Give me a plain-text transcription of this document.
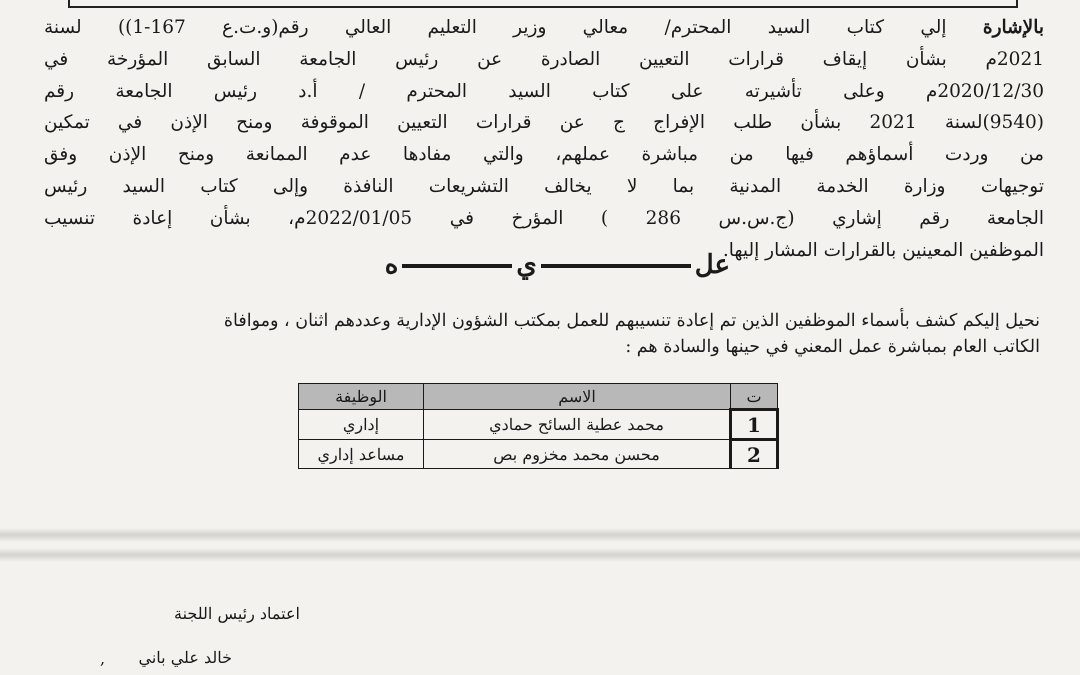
بالإشارة إلي كتاب السيد المحترم/ معالي وزير التعليم العالي رقم(و.ت.ع 167-1)) لسنة
2021م بشأن إيقاف قرارات التعيين الصادرة عن رئيس الجامعة السابق المؤرخة في
2020/12/30م وعلى تأشيرته على كتاب السيد المحترم / أ.د رئيس الجامعة رقم
(9540)لسنة 2021 بشأن طلب الإفراج ج عن قرارات التعيين الموقوفة ومنح الإذن في تمكين
من وردت أسماؤهم فيها من مباشرة عملهم، والتي مفادها عدم الممانعة ومنح الإذن وفق
توجيهات وزارة الخدمة المدنية بما لا يخالف التشريعات النافذة وإلى كتاب السيد رئيس
الجامعة رقم إشاري (ج.س.س 286 ) المؤرخ في 2022/01/05م، بشأن إعادة تنسيب
الموظفين المعينين بالقرارات المشار إليها.
عليه
نحيل إليكم كشف بأسماء الموظفين الذين تم إعادة تنسيبهم للعمل بمكتب الشؤون الإدارية وعددهم اثنان ، وموافاة
الكاتب العام بمباشرة عمل المعني في حينها والسادة هم :
ت	الاسم	الوظيفة
1	محمد عطية السائح حمادي	إداري
2	محسن محمد مخزوم بص	مساعد إداري
اعتماد رئيس اللجنة
,	خالد علي باني
